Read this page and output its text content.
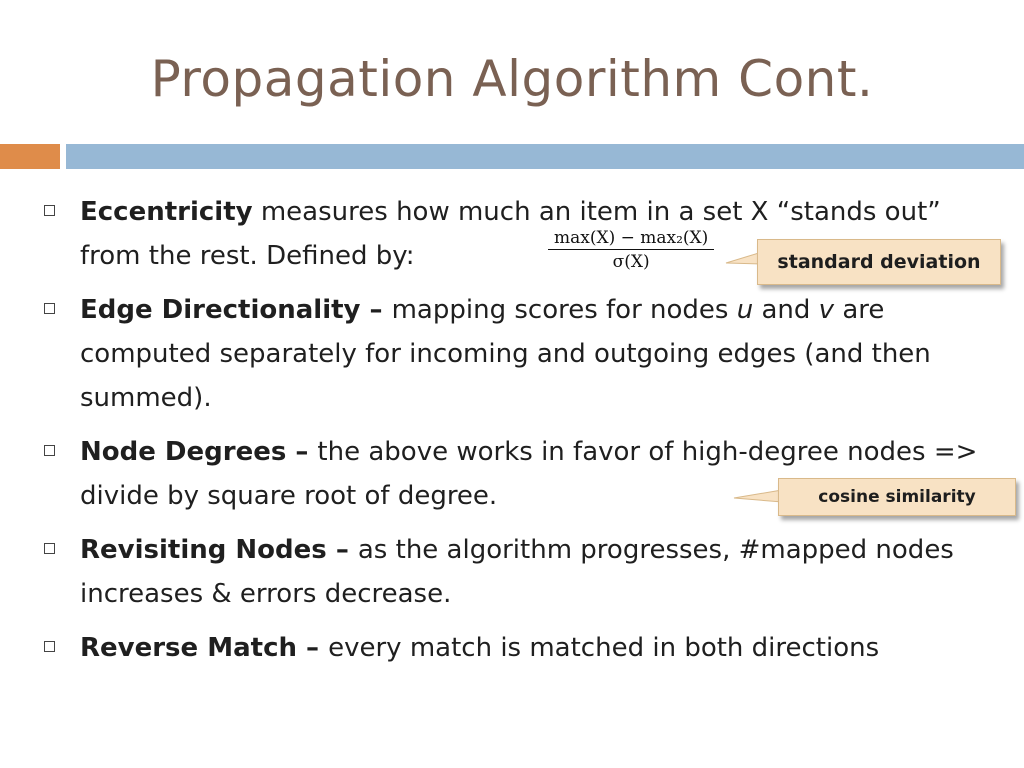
Propagation Algorithm Cont.
Eccentricity measures how much an item in a set X “stands out” from the rest. Defined by:
Edge Directionality – mapping scores for nodes u and v are computed separately for incoming and outgoing edges (and then summed).
Node Degrees – the above works in favor of high-degree nodes => divide by square root of degree.
Revisiting Nodes – as the algorithm progresses, #mapped nodes increases & errors decrease.
Reverse Match – every match is matched in both directions
max(X) − max₂(X)
σ(X)	standard deviation
cosine similarity
